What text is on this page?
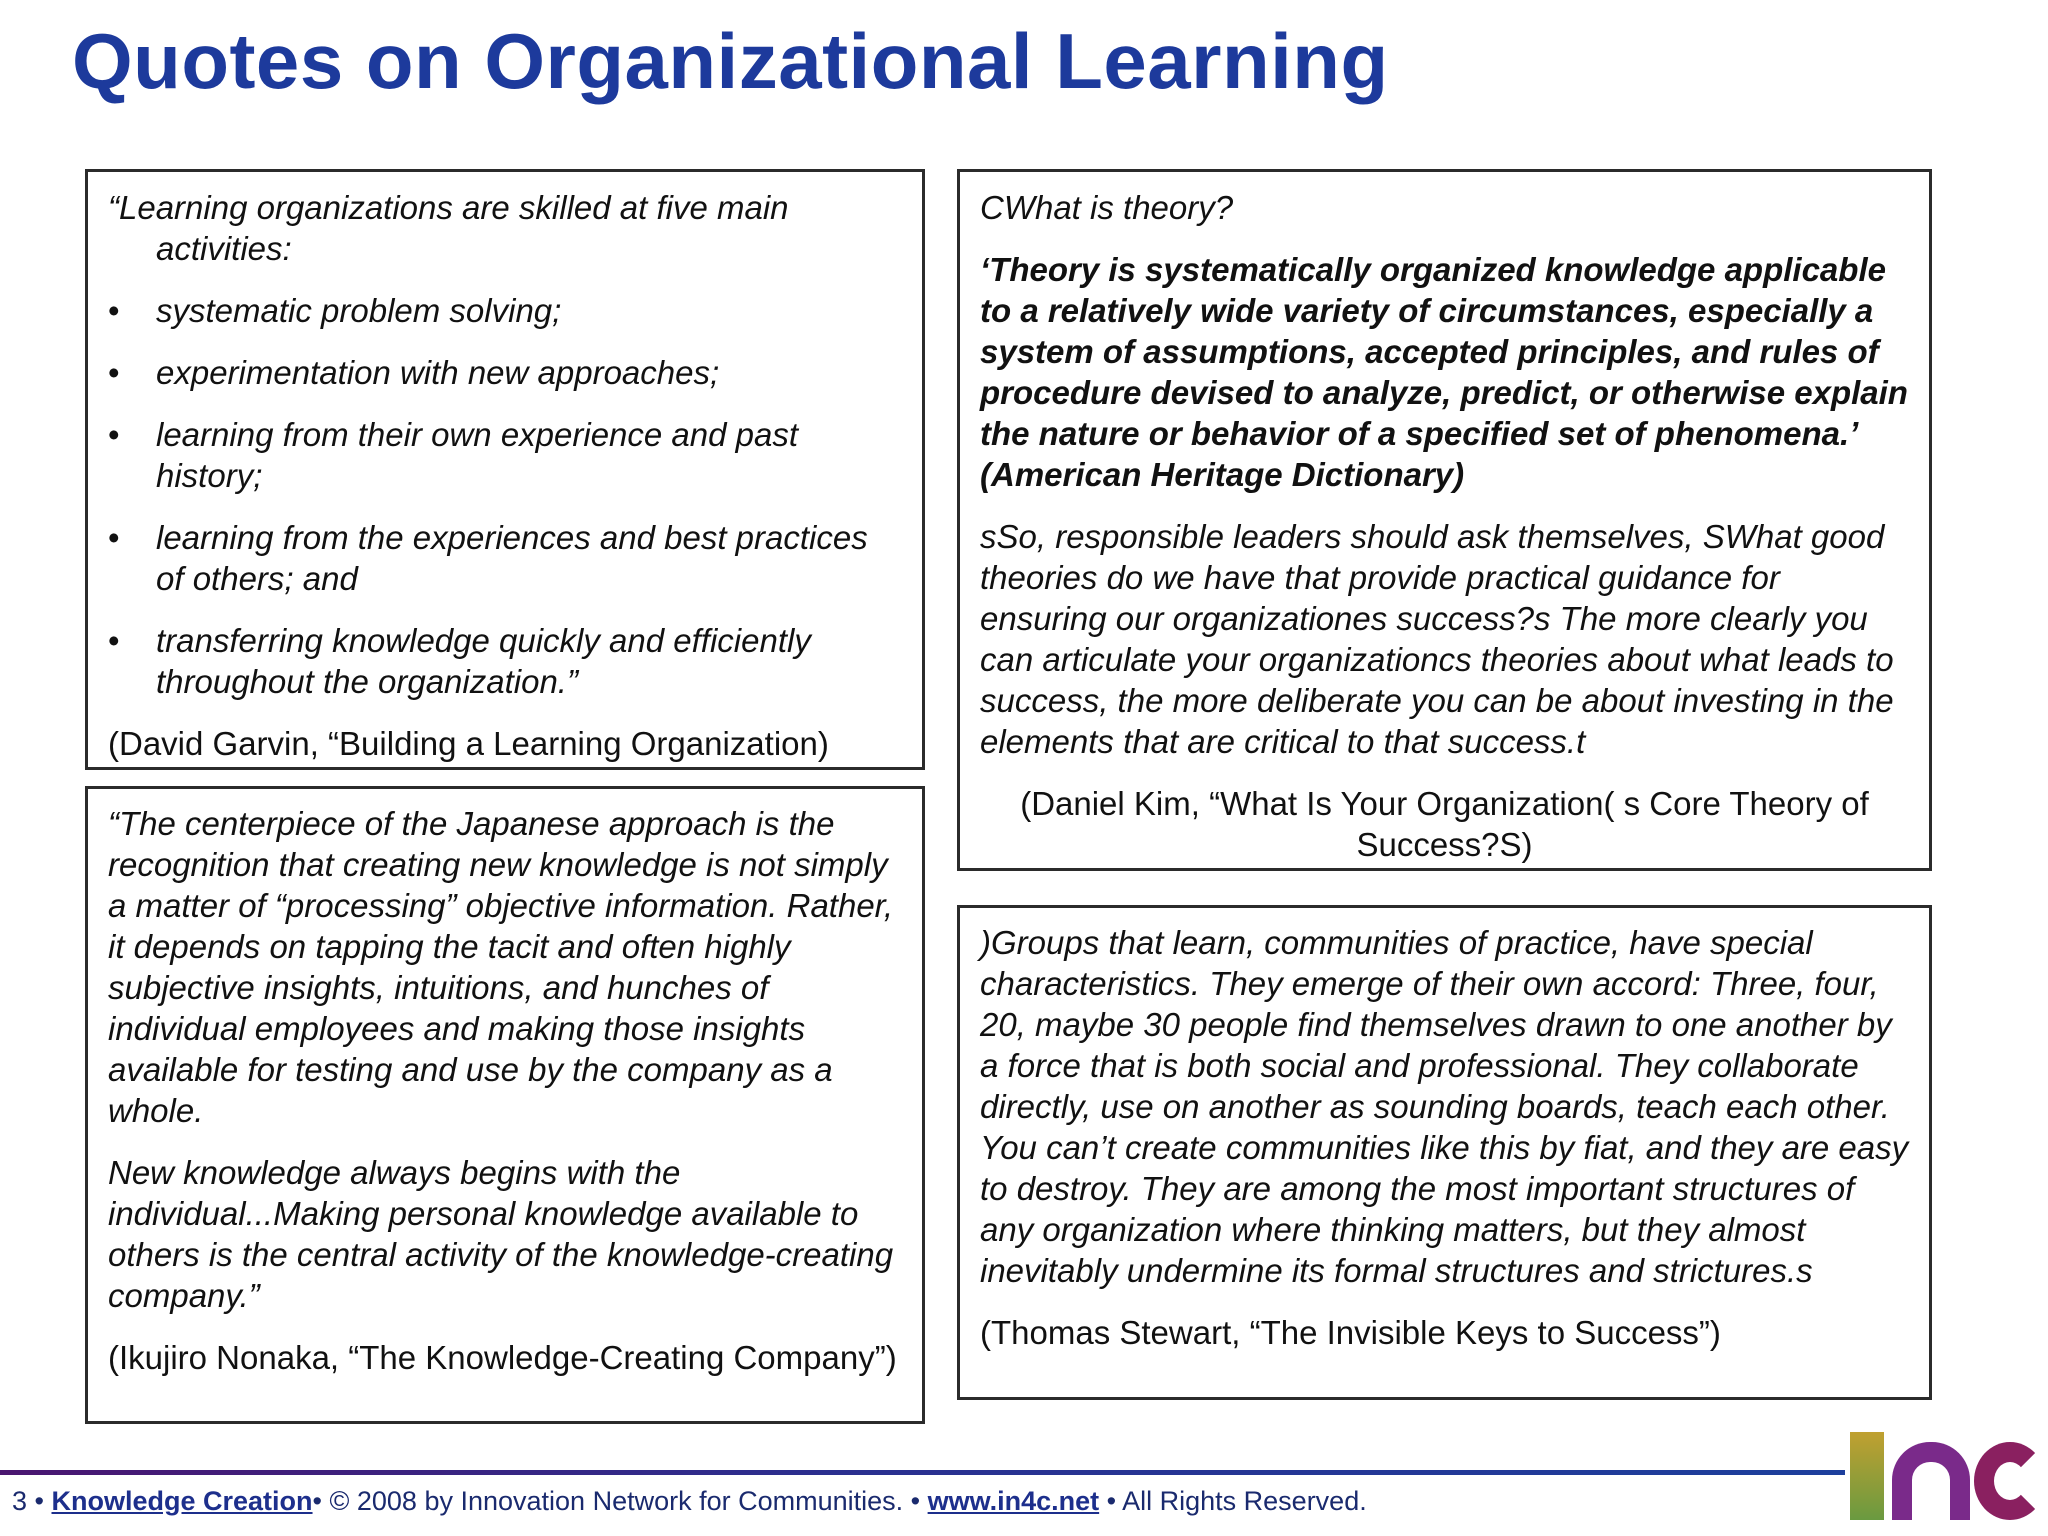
Quotes on Organizational Learning

“Learning organizations are skilled at five main activities:

• systematic problem solving;
• experimentation with new approaches;
• learning from their own experience and past history;
• learning from the experiences and best practices of others; and
• transferring knowledge quickly and efficiently throughout the organization.”

(David Garvin, “Building a Learning Organization)

“The centerpiece of the Japanese approach is the recognition that creating new knowledge is not simply a matter of “processing” objective information. Rather, it depends on tapping the tacit and often highly subjective insights, intuitions, and hunches of individual employees and making those insights available for testing and use by the company as a whole.

New knowledge always begins with the individual...Making personal knowledge available to others is the central activity of the knowledge-creating company.”

(Ikujiro Nonaka, “The Knowledge-Creating Company”)

CWhat is theory?

‘Theory is systematically organized knowledge applicable to a relatively wide variety of circumstances, especially a system of assumptions, accepted principles, and rules of procedure devised to analyze, predict, or otherwise explain the nature or behavior of a specified set of phenomena.’ (American Heritage Dictionary)

sSo, responsible leaders should ask themselves, SWhat good theories do we have that provide practical guidance for ensuring our organizationes success?s The more clearly you can articulate your organizationcs theories about what leads to success, the more deliberate you can be about investing in the elements that are critical to that success.t

(Daniel Kim, “What Is Your Organization( s Core Theory of Success?S)

)Groups that learn, communities of practice, have special characteristics. They emerge of their own accord: Three, four, 20, maybe 30 people find themselves drawn to one another by a force that is both social and professional. They collaborate directly, use on another as sounding boards, teach each other. You can’t create communities like this by fiat, and they are easy to destroy. They are among the most important structures of any organization where thinking matters, but they almost inevitably undermine its formal structures and strictures.s

(Thomas Stewart, “The Invisible Keys to Success”)

3 • Knowledge Creation• © 2008 by Innovation Network for Communities. • www.in4c.net • All Rights Reserved.
